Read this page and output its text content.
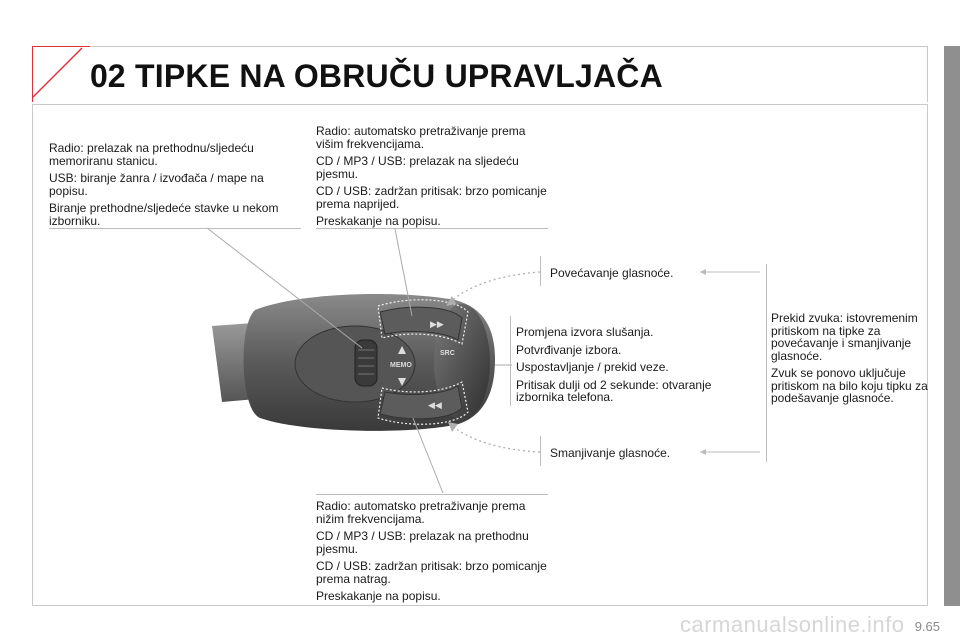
02 TIPKE NA OBRUČU UPRAVLJAČA
▶▶
◀◀
MEMO
SRC

Radio: prelazak na prethodnu/sljedeću memoriranu stanicu.

USB: biranje žanra / izvođača / mape na popisu.

Biranje prethodne/sljedeće stavke u nekom izborniku.

Radio: automatsko pretraživanje prema višim frekvencijama.

CD / MP3 / USB: prelazak na sljedeću pjesmu.

CD / USB: zadržan pritisak: brzo pomicanje prema naprijed.

Preskakanje na popisu.

Povećavanje glasnoće.

Promjena izvora slušanja.

Potvrđivanje izbora.

Uspostavljanje / prekid veze.

Pritisak dulji od 2 sekunde: otvaranje izbornika telefona.

Prekid zvuka: istovremenim pritiskom na tipke za povećavanje i smanjivanje glasnoće.

Zvuk se ponovo uključuje pritiskom na bilo koju tipku za podešavanje glasnoće.

Smanjivanje glasnoće.

Radio: automatsko pretraživanje prema nižim frekvencijama.

CD / MP3 / USB: prelazak na prethodnu pjesmu.

CD / USB: zadržan pritisak: brzo pomicanje prema natrag.

Preskakanje na popisu.

carmanualsonline.info 9.65
